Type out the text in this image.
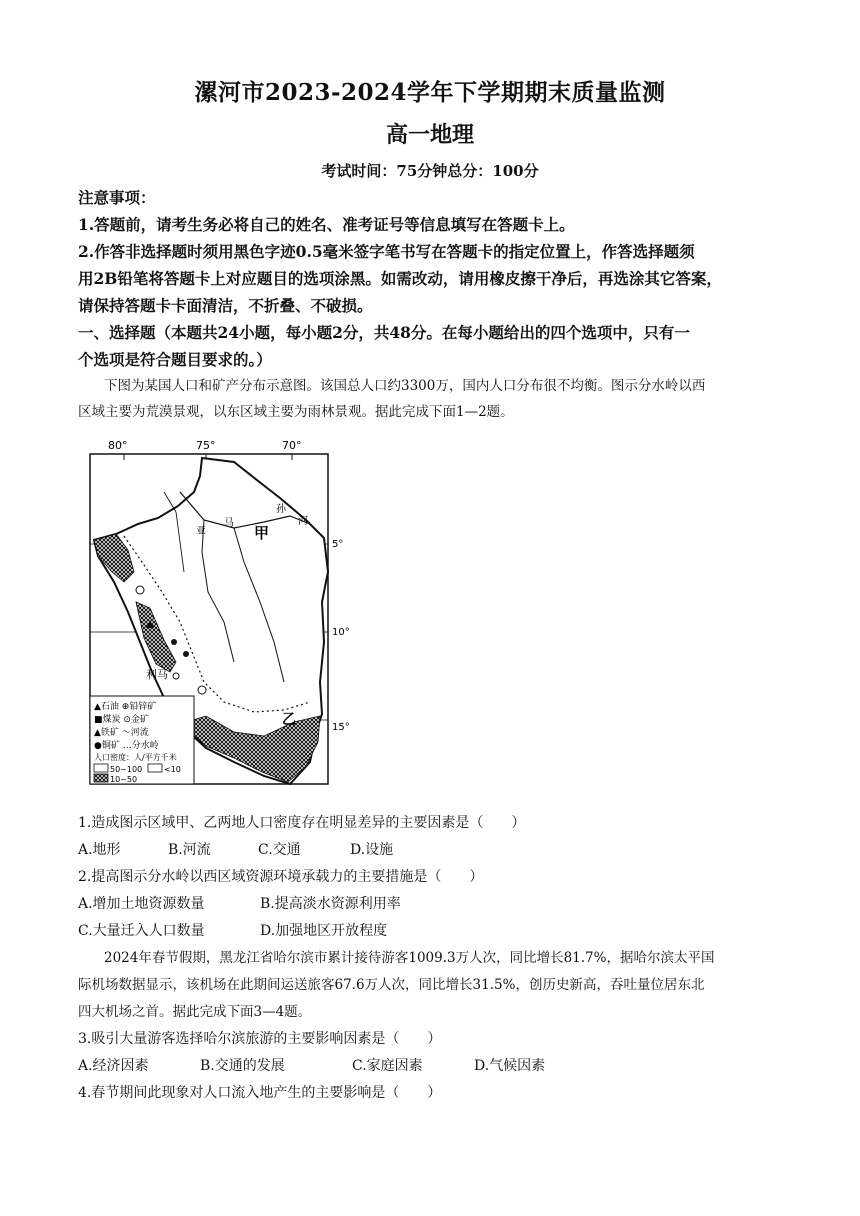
漯河市2023-2024学年下学期期末质量监测
高一地理
考试时间：75分钟总分：100分
注意事项：
1.答题前，请考生务必将自己的姓名、准考证号等信息填写在答题卡上。
2.作答非选择题时须用黑色字迹0.5毫米签字笔书写在答题卡的指定位置上，作答选择题须
用2B铅笔将答题卡上对应题目的选项涂黑。如需改动，请用橡皮擦干净后，再选涂其它答案，
请保持答题卡卡面清洁，不折叠、不破损。
一、选择题（本题共24小题，每小题2分，共48分。在每小题给出的四个选项中，只有一
个选项是符合题目要求的。）
下图为某国人口和矿产分布示意图。该国总人口约3300万，国内人口分布很不均衡。图示分水岭以西
区域主要为荒漠景观，以东区域主要为雨林景观。据此完成下面1—2题。
80°	75°	70°
5°
10°
15°
甲
乙
亚
马
孙
河
利马
▲石油 ⊕铅锌矿
■煤炭 ⊙金矿
▲铁矿 ～河流
●铜矿 …分水岭
人口密度：人/平方千米
50~100	<10
10~50
1.造成图示区域甲、乙两地人口密度存在明显差异的主要因素是（　　）
A.地形	B.河流	C.交通	D.设施
2.提高图示分水岭以西区域资源环境承载力的主要措施是（　　）
A.增加土地资源数量	B.提高淡水资源利用率
C.大量迁入人口数量	D.加强地区开放程度
2024年春节假期，黑龙江省哈尔滨市累计接待游客1009.3万人次，同比增长81.7%，据哈尔滨太平国
际机场数据显示，该机场在此期间运送旅客67.6万人次，同比增长31.5%，创历史新高，吞吐量位居东北
四大机场之首。据此完成下面3—4题。
3.吸引大量游客选择哈尔滨旅游的主要影响因素是（　　）
A.经济因素	B.交通的发展	C.家庭因素	D.气候因素
4.春节期间此现象对人口流入地产生的主要影响是（　　）
